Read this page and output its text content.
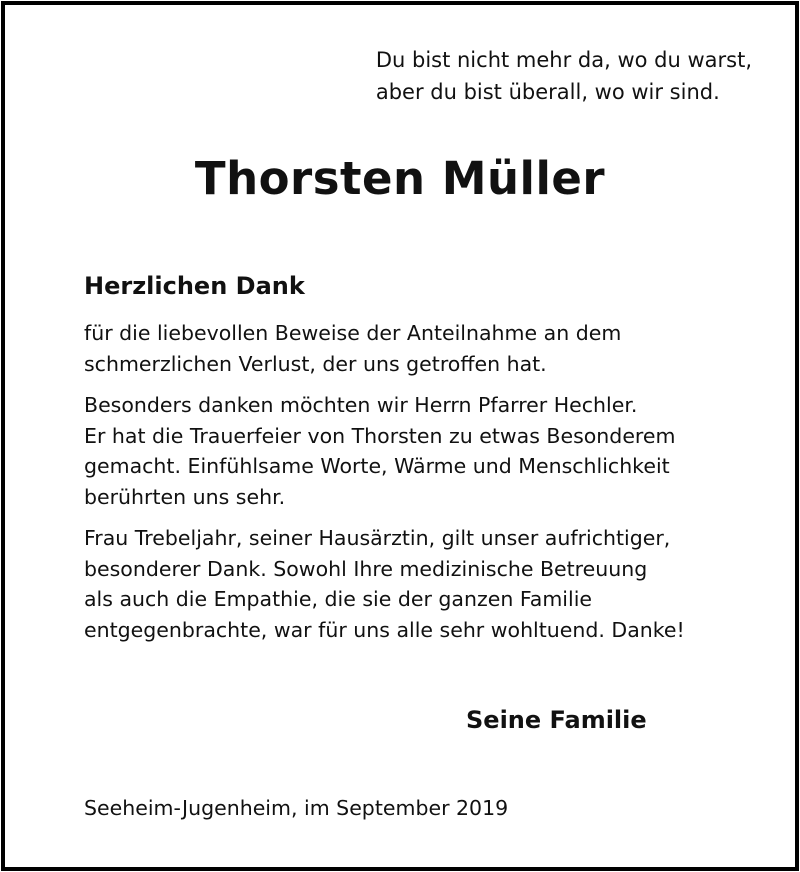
Du bist nicht mehr da, wo du warst,
aber du bist überall, wo wir sind.
Thorsten Müller
Herzlichen Dank
für die liebevollen Beweise der Anteilnahme an dem
schmerzlichen Verlust, der uns getroffen hat.
Besonders danken möchten wir Herrn Pfarrer Hechler.
Er hat die Trauerfeier von Thorsten zu etwas Besonderem
gemacht. Einfühlsame Worte, Wärme und Menschlichkeit
berührten uns sehr.
Frau Trebeljahr, seiner Hausärztin, gilt unser aufrichtiger,
besonderer Dank. Sowohl Ihre medizinische Betreuung
als auch die Empathie, die sie der ganzen Familie
entgegenbrachte, war für uns alle sehr wohltuend. Danke!
Seine Familie
Seeheim-Jugenheim, im September 2019
